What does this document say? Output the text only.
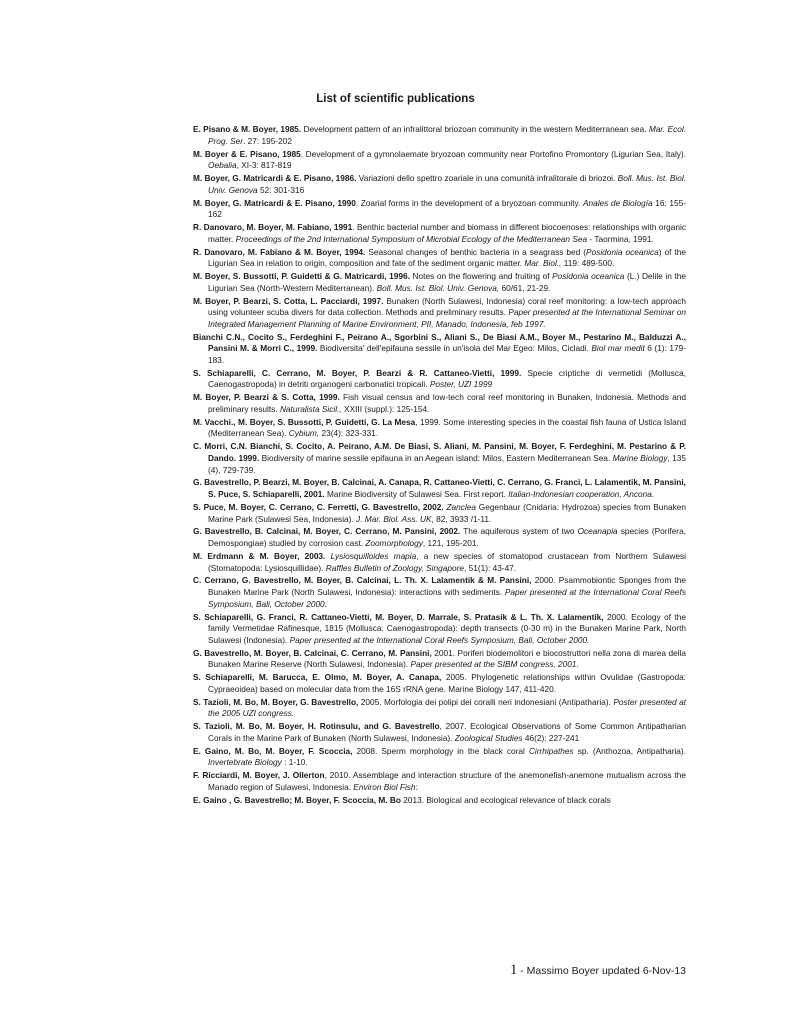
List of scientific publications

E. Pisano & M. Boyer, 1985. Development pattern of an infralittoral briozoan community in the western Mediterranean sea. Mar. Ecol. Prog. Ser. 27: 195-202

M. Boyer & E. Pisano, 1985. Development of a gymnolaemate bryozoan community near Portofino Promontory (Ligurian Sea, Italy). Oebalia, XI-3: 817-819

M. Boyer, G. Matricardi & E. Pisano, 1986. Variazioni dello spettro zoariale in una comunità infralitorale di briozoi. Boll. Mus. Ist. Biol. Univ. Genova 52: 301-316

M. Boyer, G. Matricardi & E. Pisano, 1990. Zoarial forms in the development of a bryozoan community. Anales de Biología 16: 155-162

R. Danovaro, M. Boyer, M. Fabiano, 1991. Benthic bacterial number and biomass in different biocoenoses: relationships with organic matter. Proceedings of the 2nd International Symposium of Microbial Ecology of the Mediterranean Sea - Taormina, 1991.

R. Danovaro, M. Fabiano & M. Boyer, 1994. Seasonal changes of benthic bacteria in a seagrass bed (Posidonia oceanica) of the Ligurian Sea in relation to origin, composition and fate of the sediment organic matter. Mar. Biol., 119: 489-500.

M. Boyer, S. Bussotti, P. Guidetti & G. Matricardi, 1996. Notes on the flowering and fruiting of Posidonia oceanica (L.) Delile in the Ligurian Sea (North-Western Mediterranean). Boll. Mus. Ist. Biol. Univ. Genova, 60/61, 21-29.

M. Boyer, P. Bearzi, S. Cotta, L. Pacciardi, 1997. Bunaken (North Sulawesi, Indonesia) coral reef monitoring: a low-tech approach using volunteer scuba divers for data collection. Methods and preliminary results. Paper presented at the International Seminar on Integrated Management Planning of Marine Environment, PII, Manado, Indonesia, feb 1997.

Bianchi C.N., Cocito S., Ferdeghini F., Peirano A., Sgorbini S., Aliani S., De Biasi A.M., Boyer M., Pestarino M., Balduzzi A., Pansini M. & Morri C., 1999. Biodiversita' dell'epifauna sessile in un'isola del Mar Egeo: Milos, Cicladi. Biol mar medit 6 (1): 179-183.

S. Schiaparelli, C. Cerrano, M. Boyer, P. Bearzi & R. Cattaneo-Vietti, 1999. Specie criptiche di vermetidi (Mollusca, Caenogastropoda) in detriti organogeni carbonatici tropicali. Poster, UZI 1999

M. Boyer, P. Bearzi & S. Cotta, 1999. Fish visual census and low-tech coral reef monitoring in Bunaken, Indonesia. Methods and preliminary results. Naturalista Sicil., XXIII (suppl.): 125-154.

M. Vacchi., M. Boyer, S. Bussotti, P. Guidetti, G. La Mesa, 1999. Some interesting species in the coastal fish fauna of Ustica Island (Mediterranean Sea). Cybium, 23(4): 323-331.

C. Morri, C.N. Bianchi, S. Cocito, A. Peirano, A.M. De Biasi, S. Aliani, M. Pansini, M. Boyer, F. Ferdeghini, M. Pestarino & P. Dando. 1999. Biodiversity of marine sessile epifauna in an Aegean island: Milos, Eastern Mediterranean Sea. Marine Biology, 135 (4), 729-739.

G. Bavestrello, P. Bearzi, M. Boyer, B. Calcinai, A. Canapa, R. Cattaneo-Vietti, C. Cerrano, G. Franci, L. Lalamentik, M. Pansini, S. Puce, S. Schiaparelli, 2001. Marine Biodiversity of Sulawesi Sea. First report. Italian-Indonesian cooperation, Ancona.

S. Puce, M. Boyer, C. Cerrano, C. Ferretti, G. Bavestrello, 2002. Zanclea Gegenbaur (Cnidaria: Hydrozoa) species from Bunaken Marine Park (Sulawesi Sea, Indonesia). J. Mar. Biol. Ass. UK, 82, 3933 /1-11.

G. Bavestrello, B. Calcinai, M. Boyer, C. Cerrano, M. Pansini, 2002. The aquiferous system of two Oceanapia species (Porifera, Demospongiae) studied by corrosion cast. Zoomorphology, 121, 195-201.

M. Erdmann & M. Boyer, 2003. Lysiosquilloides mapia, a new species of stomatopod crustacean from Northern Sulawesi (Stomatopoda: Lysiosquillidae). Raffles Bulletin of Zoology, Singapore, 51(1): 43-47.

C. Cerrano, G. Bavestrello, M. Boyer, B. Calcinai, L. Th. X. Lalamentik & M. Pansini, 2000. Psammobiontic Sponges from the Bunaken Marine Park (North Sulawesi, Indonesia): interactions with sediments. Paper presented at the International Coral Reefs Symposium, Bali, October 2000.

S. Schiaparelli, G. Franci, R. Cattaneo-Vietti, M. Boyer, D. Marrale, S. Pratasik & L. Th. X. Lalamentik, 2000. Ecology of the family Vermetidae Rafinesque, 1815 (Mollusca: Caenogastropoda): depth transects (0-30 m) in the Bunaken Marine Park, North Sulawesi (Indonesia). Paper presented at the International Coral Reefs Symposium, Bali, October 2000.

G. Bavestrello, M. Boyer, B. Calcinai, C. Cerrano, M. Pansini, 2001. Poriferi biodemolitori e biocostruttori nella zona di marea della Bunaken Marine Reserve (North Sulawesi, Indonesia). Paper presented at the SIBM congress, 2001.

S. Schiaparelli, M. Barucca, E. Olmo, M. Boyer, A. Canapa, 2005. Phylogenetic relationships within Ovulidae (Gastropoda: Cypraeoidea) based on molecular data from the 16S rRNA gene. Marine Biology 147, 411-420.

S. Tazioli, M. Bo, M. Boyer, G. Bavestrello, 2005. Morfologia dei polipi dei coralli neri indonesiani (Antipatharia). Poster presented at the 2005 UZI congress.

S. Tazioli, M. Bo, M. Boyer, H. Rotinsulu, and G. Bavestrello, 2007. Ecological Observations of Some Common Antipatharian Corals in the Marine Park of Bunaken (North Sulawesi, Indonesia). Zoological Studies 46(2): 227-241

E. Gaino, M. Bo, M. Boyer, F. Scoccia, 2008. Sperm morphology in the black coral Cirrhipathes sp. (Anthozoa, Antipatharia). Invertebrate Biology : 1-10.

F. Ricciardi, M. Boyer, J. Ollerton, 2010. Assemblage and interaction structure of the anemonefish-anemone mutualism across the Manado region of Sulawesi, Indonesia. Environ Biol Fish:

E. Gaino , G. Bavestrello; M. Boyer, F. Scoccia, M. Bo 2013. Biological and ecological relevance of black corals

1 - Massimo Boyer updated 6-Nov-13
